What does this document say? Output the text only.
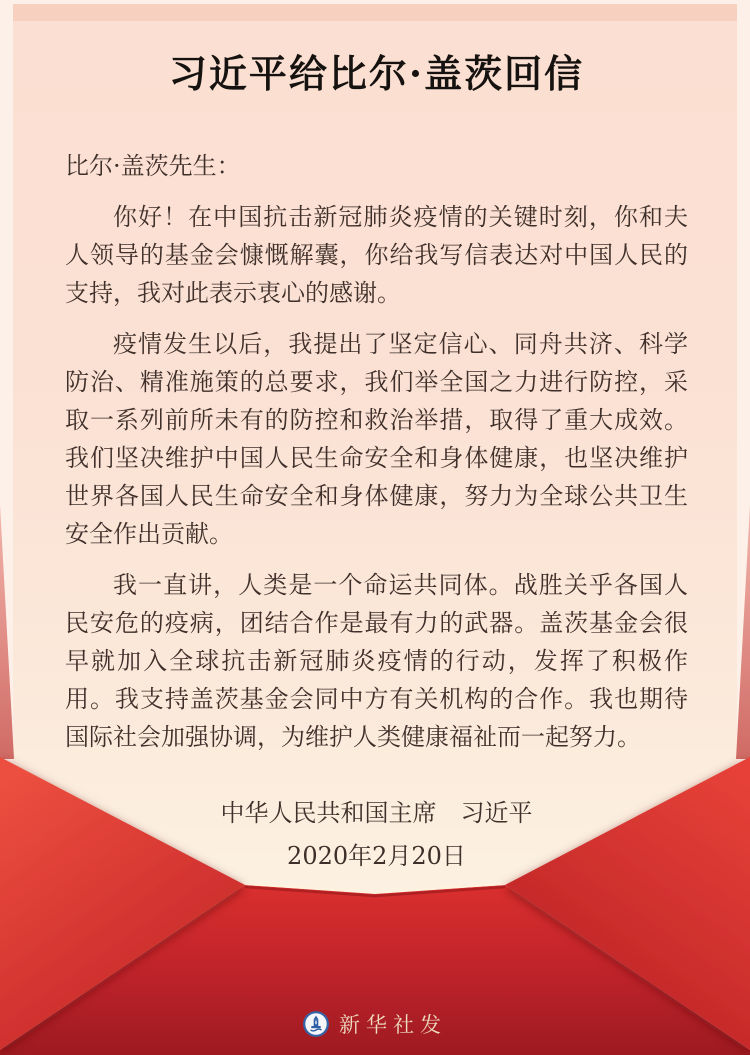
习近平给比尔·盖茨回信

比尔·盖茨先生：

你好！在中国抗击新冠肺炎疫情的关键时刻，你和夫人领导的基金会慷慨解囊，你给我写信表达对中国人民的支持，我对此表示衷心的感谢。

疫情发生以后，我提出了坚定信心、同舟共济、科学防治、精准施策的总要求，我们举全国之力进行防控，采取一系列前所未有的防控和救治举措，取得了重大成效。我们坚决维护中国人民生命安全和身体健康，也坚决维护世界各国人民生命安全和身体健康，努力为全球公共卫生安全作出贡献。

我一直讲，人类是一个命运共同体。战胜关乎各国人民安危的疫病，团结合作是最有力的武器。盖茨基金会很早就加入全球抗击新冠肺炎疫情的行动，发挥了积极作用。我支持盖茨基金会同中方有关机构的合作。我也期待国际社会加强协调，为维护人类健康福祉而一起努力。

中华人民共和国主席　习近平
2020年2月20日
新华社发
